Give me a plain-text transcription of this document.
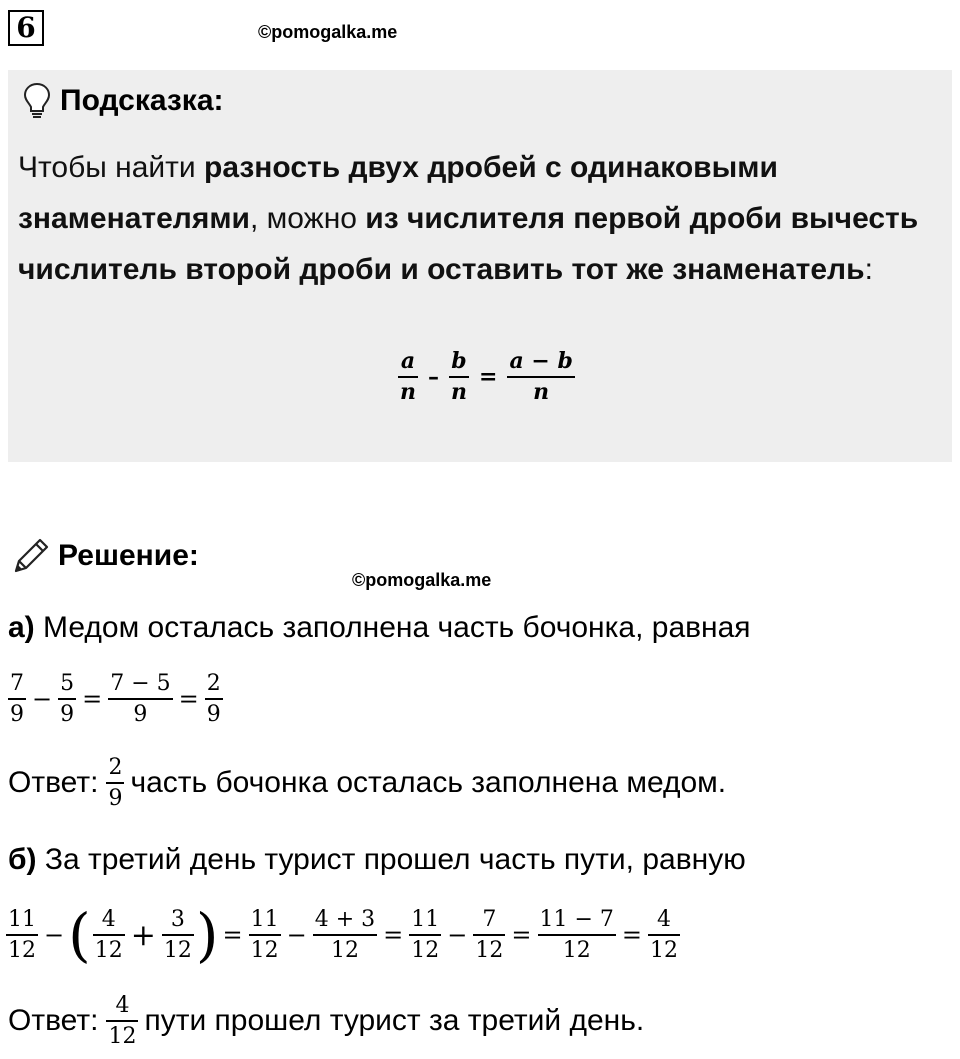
6	©pomogalka.me
Подсказка:
Чтобы найти разность двух дробей с одинаковыми знаменателями, можно из числителя первой дроби вычесть числитель второй дроби и оставить тот же знаменатель:
$\frac{a}{n} - \frac{b}{n} = \frac{a - b}{n}$
Решение:
©pomogalka.me
а) Медом осталась заполнена часть бочонка, равная
$\frac{7}{9} - \frac{5}{9} = \frac{7 - 5}{9} = \frac{2}{9}$
Ответ: $\frac{2}{9}$ часть бочонка осталась заполнена медом.
б) За третий день турист прошел часть пути, равную
$\frac{11}{12}$ − ( $\frac{4}{12} + \frac{3}{12}$ ) = $\frac{11}{12} - \frac{4 + 3}{12} = \frac{11}{12} - \frac{7}{12} = \frac{11 - 7}{12} = \frac{4}{12}$
Ответ: $\frac{4}{12}$ пути прошел турист за третий день.
